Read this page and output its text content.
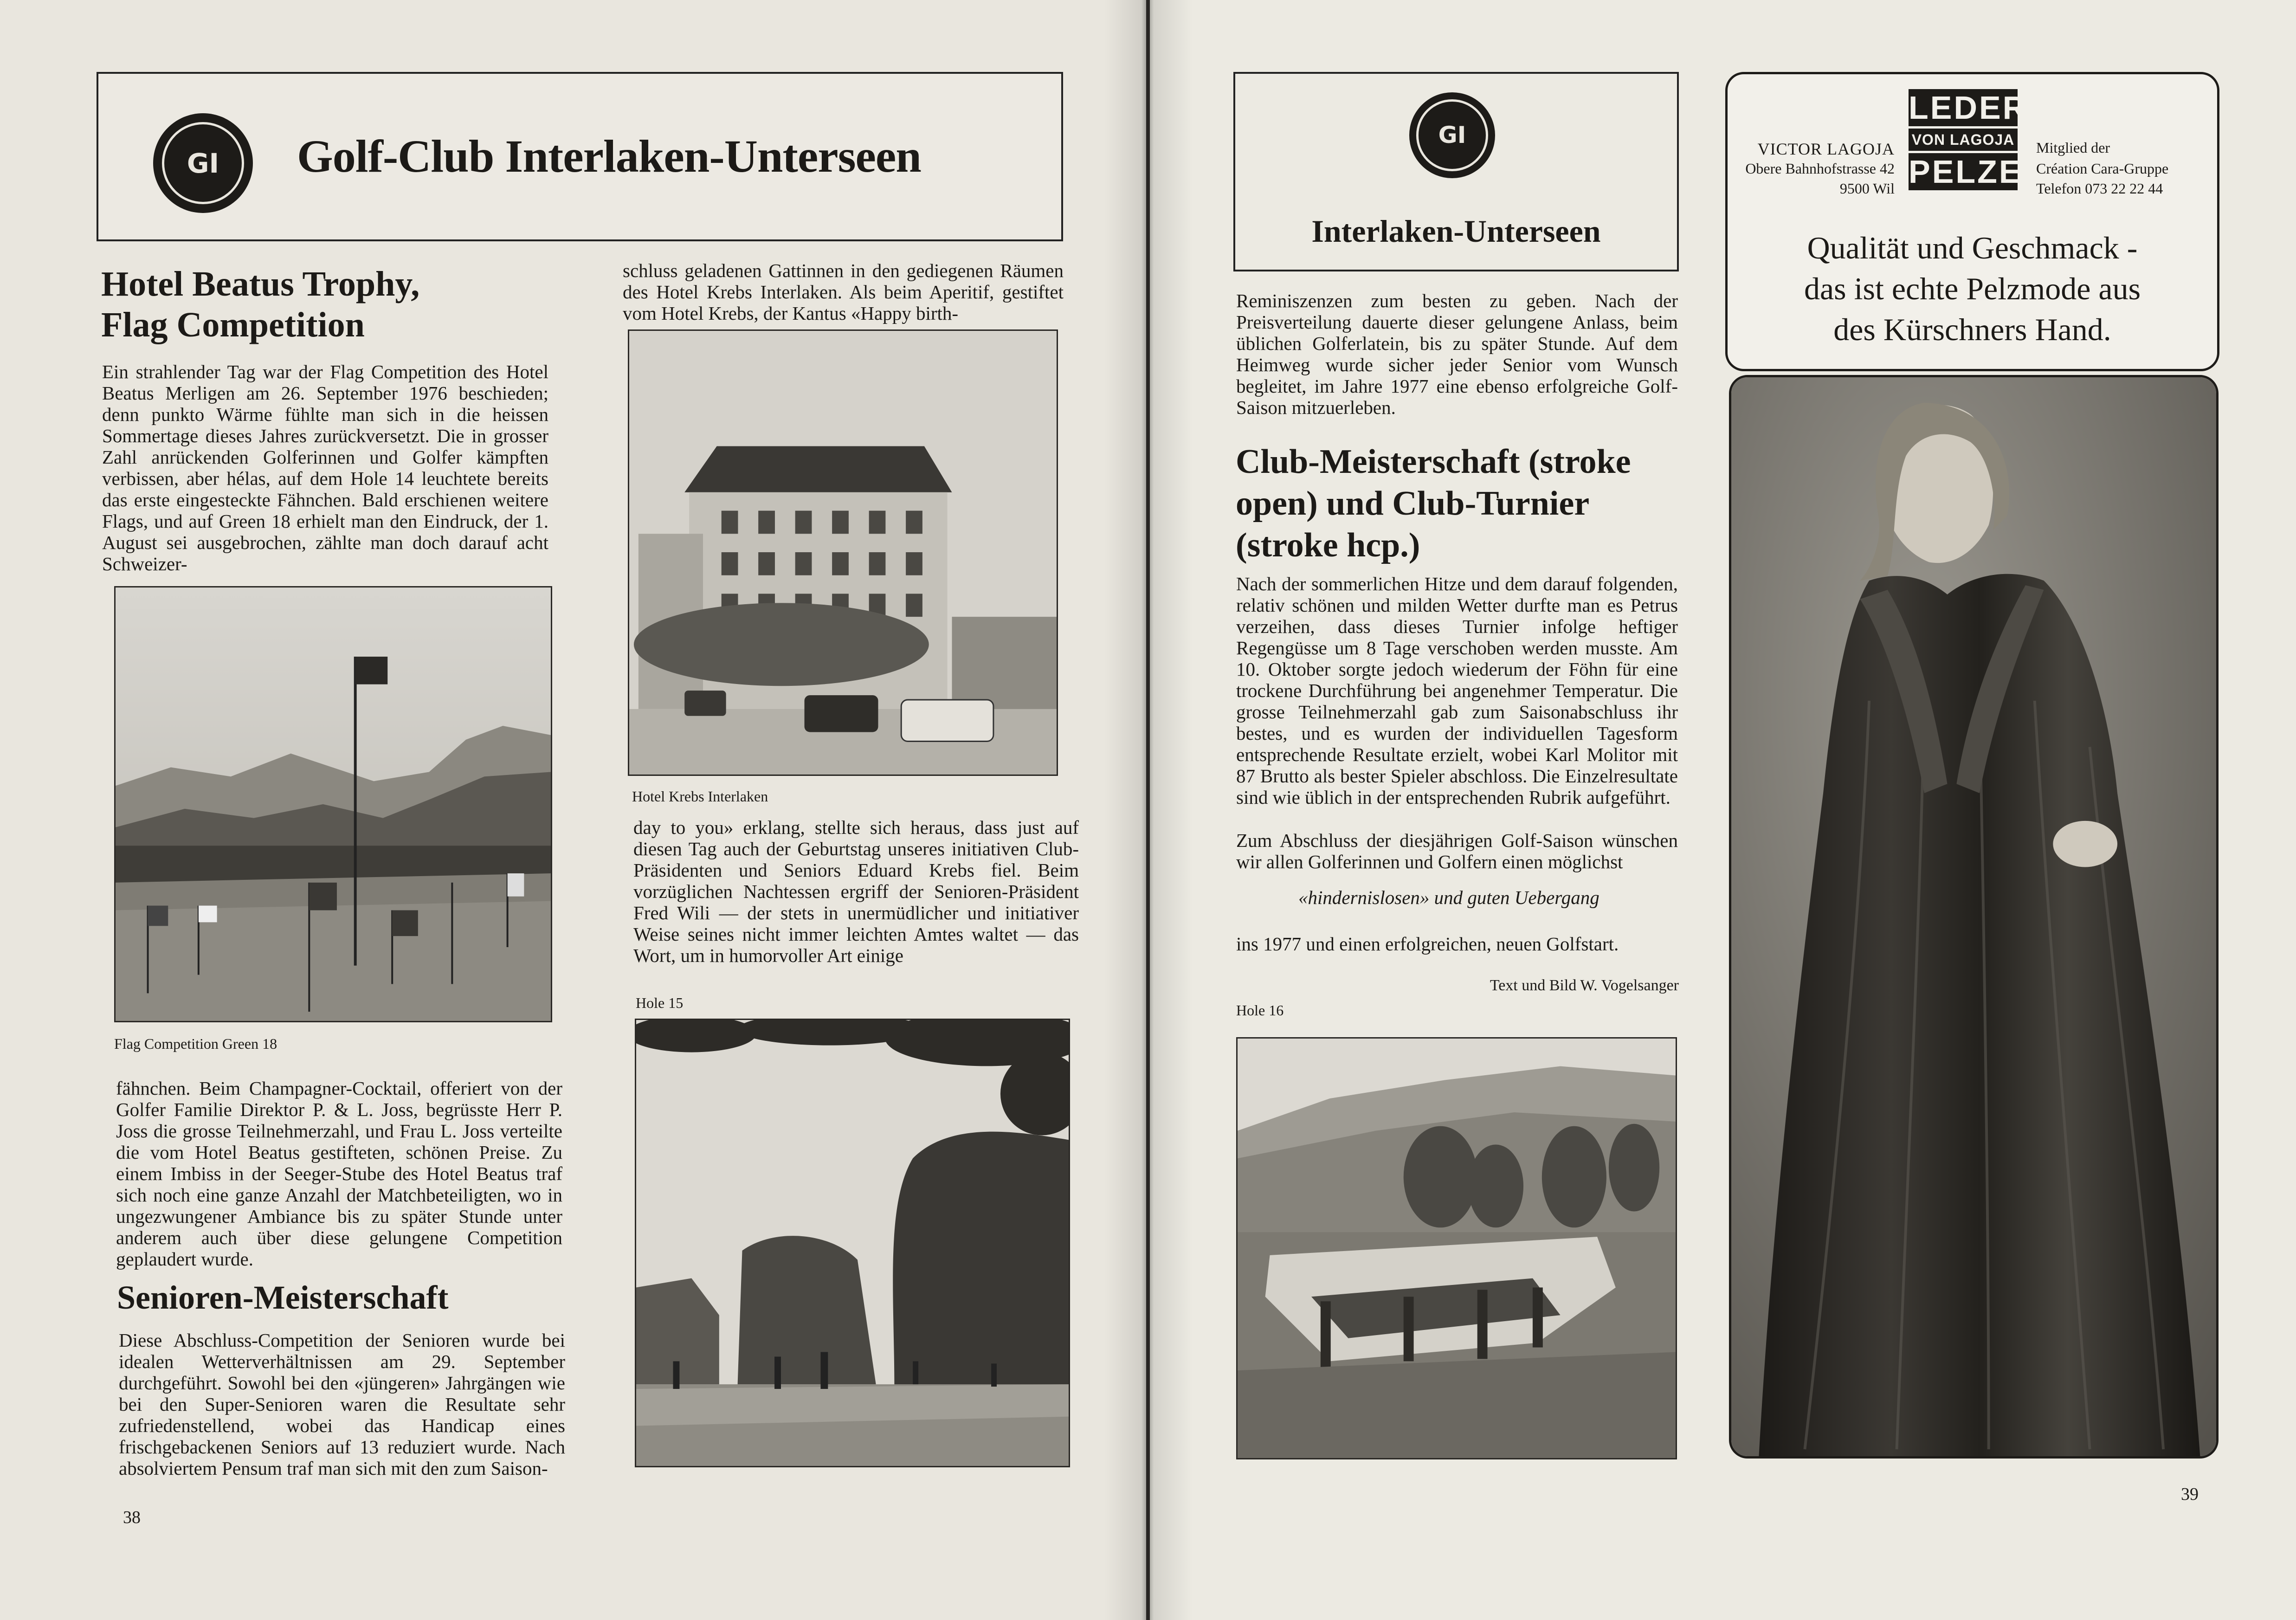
GI Golf-Club Interlaken-Unterseen
Hotel Beatus Trophy,
Flag Competition

Ein strahlender Tag war der Flag Competition des Hotel Beatus Merligen am 26. September 1976 beschieden; denn punkto Wärme fühlte man sich in die heissen Sommertage dieses Jahres zurückversetzt. Die in grosser Zahl anrückenden Golferinnen und Golfer kämpften verbissen, aber hélas, auf dem Hole 14 leuchtete bereits das erste eingesteckte Fähnchen. Bald erschienen weitere Flags, und auf Green 18 erhielt man den Eindruck, der 1. August sei ausgebrochen, zählte man doch darauf acht Schweizer-

Flag Competition Green 18

fähnchen. Beim Champagner-Cocktail, offeriert von der Golfer Familie Direktor P. & L. Joss, begrüsste Herr P. Joss die grosse Teilnehmerzahl, und Frau L. Joss verteilte die vom Hotel Beatus gestifteten, schönen Preise. Zu einem Imbiss in der Seeger-Stube des Hotel Beatus traf sich noch eine ganze Anzahl der Matchbeteiligten, wo in ungezwungener Ambiance bis zu später Stunde unter anderem auch über diese gelungene Competition geplaudert wurde.

Senioren-Meisterschaft

Diese Abschluss-Competition der Senioren wurde bei idealen Wetterverhältnissen am 29. September durchgeführt. Sowohl bei den «jüngeren» Jahrgängen wie bei den Super-Senioren waren die Resultate sehr zufriedenstellend, wobei das Handicap eines frischgebackenen Seniors auf 13 reduziert wurde. Nach absolviertem Pensum traf man sich mit den zum Saison-

38

schluss geladenen Gattinnen in den gediegenen Räumen des Hotel Krebs Interlaken. Als beim Aperitif, gestiftet vom Hotel Krebs, der Kantus «Happy birth-

Hotel Krebs Interlaken

day to you» erklang, stellte sich heraus, dass just auf diesen Tag auch der Geburtstag unseres initiativen Club-Präsidenten und Seniors Eduard Krebs fiel. Beim vorzüglichen Nachtessen ergriff der Senioren-Präsident Fred Wili — der stets in unermüdlicher und initiativer Weise seines nicht immer leichten Amtes waltet — das Wort, um in humorvoller Art einige

Hole 15

GI
Interlaken-Unterseen

Reminiszenzen zum besten zu geben. Nach der Preisverteilung dauerte dieser gelungene Anlass, beim üblichen Golferlatein, bis zu später Stunde. Auf dem Heimweg wurde sicher jeder Senior vom Wunsch begleitet, im Jahre 1977 eine ebenso erfolgreiche Golf-Saison mitzuerleben.

Club-Meisterschaft (stroke
open) und Club-Turnier
(stroke hcp.)

Nach der sommerlichen Hitze und dem darauf folgenden, relativ schönen und milden Wetter durfte man es Petrus verzeihen, dass dieses Turnier infolge heftiger Regengüsse um 8 Tage verschoben werden musste. Am 10. Oktober sorgte jedoch wiederum der Föhn für eine trockene Durchführung bei angenehmer Temperatur. Die grosse Teilnehmerzahl gab zum Saisonabschluss ihr bestes, und es wurden der individuellen Tagesform entsprechende Resultate erzielt, wobei Karl Molitor mit 87 Brutto als bester Spieler abschloss. Die Einzelresultate sind wie üblich in der entsprechenden Rubrik aufgeführt.

Zum Abschluss der diesjährigen Golf-Saison wünschen wir allen Golferinnen und Golfern einen möglichst

«hindernislosen» und guten Uebergang
ins 1977 und einen erfolgreichen, neuen Golfstart.
Text und Bild W. Vogelsanger

Hole 16

VICTOR LAGOJA
Obere Bahnhofstrasse 42
9500 Wil
LEDER
VON LAGOJA
PELZE
Mitglied der
Création Cara-Gruppe
Telefon 073 22 22 44
Qualität und Geschmack -
das ist echte Pelzmode aus
des Kürschners Hand.
39
